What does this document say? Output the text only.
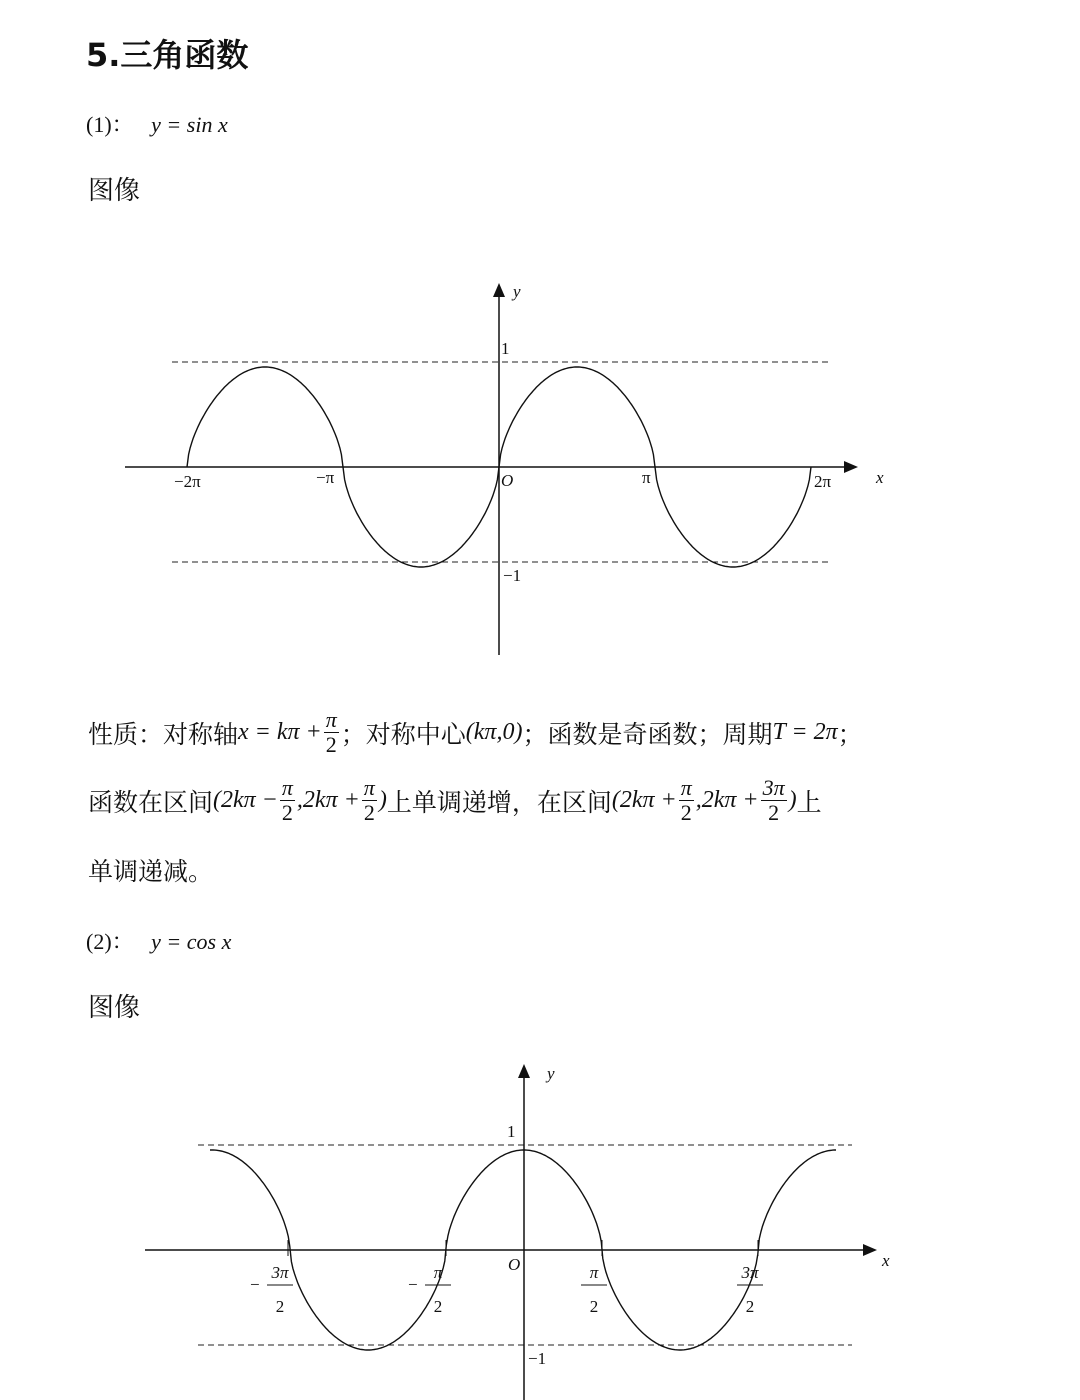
5.三角函数
(1)： y = sin x
图像
y
x
O
1
−1
−2π	−π	π	2π
性质：对称轴 $x = k\pi + \frac{\pi}{2}$ ；对称中心 (kπ,0) ；函数是奇函数；周期 T = 2π ；
函数在区间 ($2k\pi - \frac{\pi}{2} ,2k\pi + \frac{\pi}{2}$ ) 上单调递增，在区间 ($2k\pi + \frac{\pi}{2} ,2k\pi + \frac{3\pi}{2}$ ) 上
单调递减。
(2)： y = cos x
图像
y
x
O
1
−1
−
3π
2
−
π
2
π
2
3π
2
